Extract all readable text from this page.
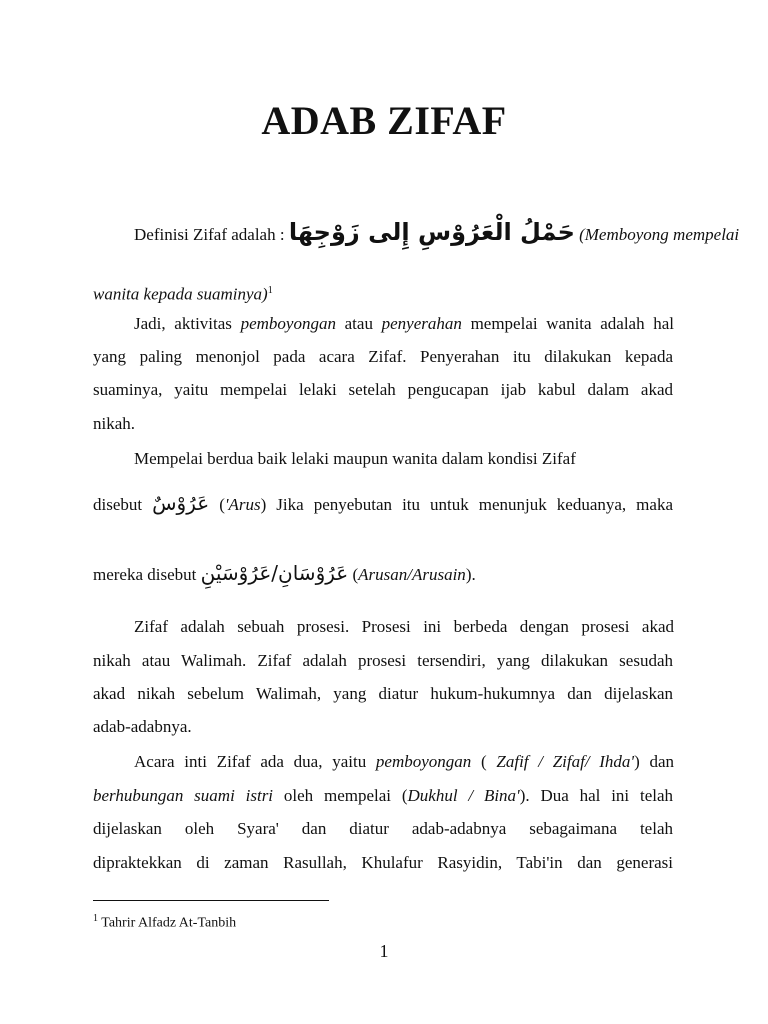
ADAB ZIFAF
Definisi Zifaf adalah : حَمْلُ الْعَرُوْسِ إِلى زَوْجِهَا (Memboyong mempelai
wanita kepada suaminya)$^1$
Jadi, aktivitas pemboyongan atau penyerahan mempelai wanita adalah hal
yang paling menonjol pada acara Zifaf. Penyerahan itu dilakukan kepada
suaminya, yaitu mempelai lelaki setelah pengucapan ijab kabul dalam akad
nikah.
Mempelai berdua baik lelaki maupun wanita dalam kondisi Zifaf
disebut عَرُوْسٌ ('Arus) Jika penyebutan itu untuk menunjuk keduanya, maka
mereka disebut عَرُوْسَانِ/عَرُوْسَيْنِ (Arusan/Arusain).
Zifaf adalah sebuah prosesi. Prosesi ini berbeda dengan prosesi akad
nikah atau Walimah. Zifaf adalah prosesi tersendiri, yang dilakukan sesudah
akad nikah sebelum Walimah, yang diatur hukum-hukumnya dan dijelaskan
adab-adabnya.
Acara inti Zifaf ada dua, yaitu pemboyongan ( Zafif / Zifaf/ Ihda') dan
berhubungan suami istri oleh mempelai (Dukhul / Bina'). Dua hal ini telah
dijelaskan oleh Syara' dan diatur adab-adabnya sebagaimana telah
dipraktekkan di zaman Rasullah, Khulafur Rasyidin, Tabi'in dan generasi
$^1$ Tahrir Alfadz At-Tanbih
1
